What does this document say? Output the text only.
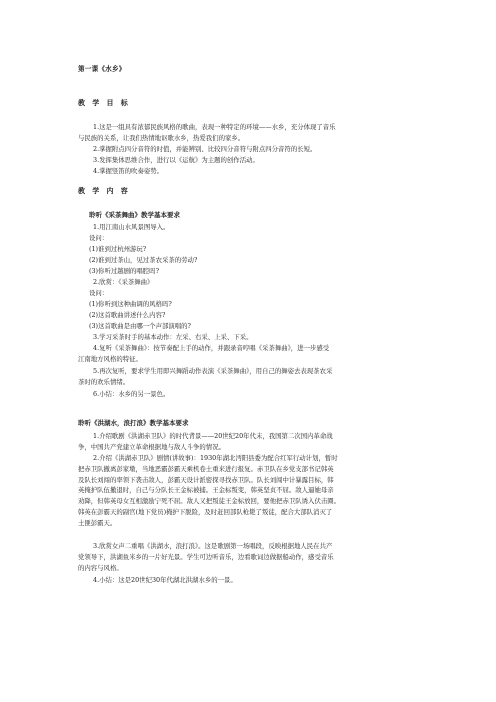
第一课《水乡》
教 学 目 标
1.这是一组具有浓郁民族风格的歌曲，表现一种特定的环境——水乡，充分体现了音乐
与民族的关系，让我们热情地讴歌水乡，热爱我们的家乡。
2.掌握附点四分音符的时值，并能辨别、比较四分音符与附点四分音符的长短。
3.发挥集体思维合作，进行以《运航》为主题的创作活动。
4.掌握竖笛的吹奏姿势。
教 学 内 容
聆听《采茶舞曲》教学基本要求
1.用江南山水风景图导入。
设问：
(1)谁到过杭州游玩?
(2)谁到过茶山，见过茶农采茶的劳动?
(3)你听过越剧的唱腔吗?
2.欣赏：《采茶舞曲》
设问：
(1)你听到这种曲调的风格吗?
(2)这首歌曲讲述什么内容?
(3)这首歌曲是由哪一个声部演唱的?
3.学习采茶时手的基本动作：左采、右采、上采、下采。
4.复听《采茶舞曲》：按节奏配上手的动作，并跟录音哼唱《采茶舞曲》，进一步感受
江南地方风格的特征。
5.再次复听，要求学生用即兴舞蹈动作表演《采茶舞曲》，用自己的舞姿去表现茶农采
茶时的欢乐情绪。
6.小结：水乡的另一景色。
聆听《洪湖水，浪打浪》教学基本要求
1.介绍歌剧《洪湖赤卫队》的时代背景——20世纪20年代末，我国第二次国内革命战
争，中国共产党建立革命根据地与敌人斗争的情况。
2.介绍《洪湖赤卫队》剧情(讲故事)：1930年湖北沔阳县委为配合红军行动计划，暂时
把赤卫队撤离彭家墩，当地恶霸彭霸天乘机卷土重来进行报复。赤卫队在乡党支部书记韩英
及队长刘闯的率领下袭击敌人，彭霸天设计派密探寻找赤卫队。队长刘闯中计暴露目标，韩
英掩护队伍撤退时，自己与分队长王金标被捕。王金标叛变，韩英坚贞不屈。敌人逼她母亲
劝降，但韩英母女互相激励宁死不屈。敌人又把叛徒王金标放回，要他把赤卫队诱入伏击圈。
韩英在彭霸天的副官(地下党员)掩护下脱险，及时赶回部队枪毙了叛徒，配合大部队消灭了
土匪彭霸天。
3.欣赏女声二重唱《洪湖水，浪打浪》。这是歌剧第一场唱段，反映根据地人民在共产
党领导下，洪湖鱼米乡的一片好光景。学生可边听音乐，边看歌词边做据船动作，感受音乐
的内容与风格。
4.小结：这是20世纪30年代湖北洪湖水乡的一景。
